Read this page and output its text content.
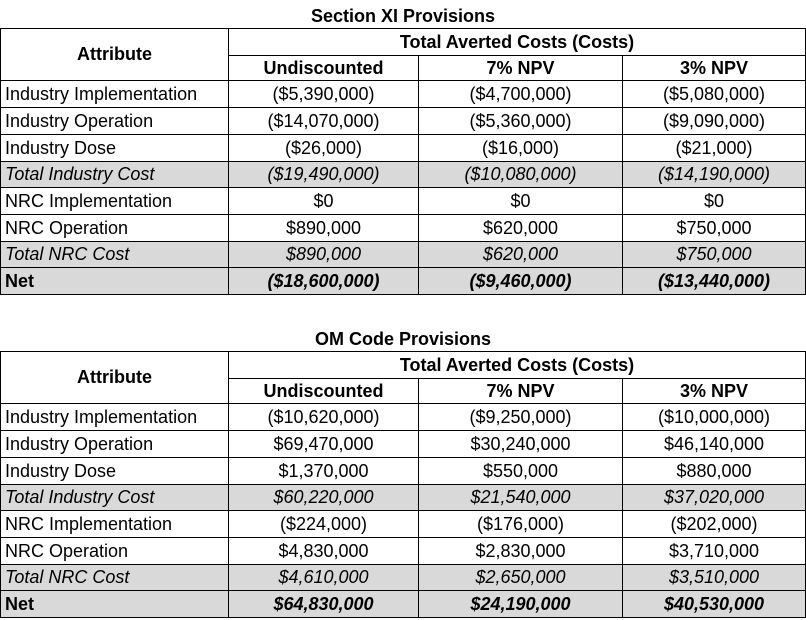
Section XI Provisions
Attribute	Total Averted Costs (Costs)		
	Undiscounted	7% NPV	3% NPV
Industry Implementation	($5,390,000)	($4,700,000)	($5,080,000)
Industry Operation	($14,070,000)	($5,360,000)	($9,090,000)
Industry Dose	($26,000)	($16,000)	($21,000)
Total Industry Cost	($19,490,000)	($10,080,000)	($14,190,000)
NRC Implementation	$0	$0	$0
NRC Operation	$890,000	$620,000	$750,000
Total NRC Cost	$890,000	$620,000	$750,000
Net	($18,600,000)	($9,460,000)	($13,440,000)
OM Code Provisions
Attribute	Total Averted Costs (Costs)		
	Undiscounted	7% NPV	3% NPV
Industry Implementation	($10,620,000)	($9,250,000)	($10,000,000)
Industry Operation	$69,470,000	$30,240,000	$46,140,000
Industry Dose	$1,370,000	$550,000	$880,000
Total Industry Cost	$60,220,000	$21,540,000	$37,020,000
NRC Implementation	($224,000)	($176,000)	($202,000)
NRC Operation	$4,830,000	$2,830,000	$3,710,000
Total NRC Cost	$4,610,000	$2,650,000	$3,510,000
Net	$64,830,000	$24,190,000	$40,530,000
